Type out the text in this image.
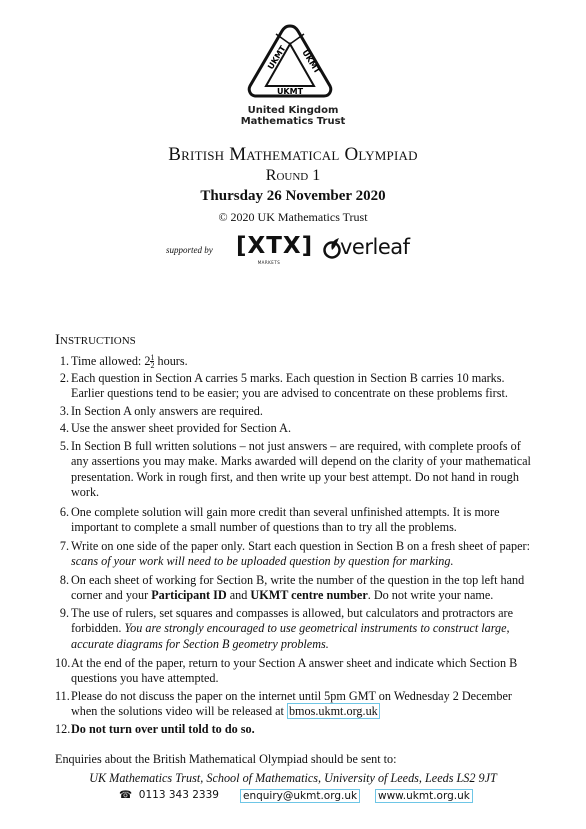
UKMT UKMT
UKMT
United Kingdom
Mathematics Trust
British Mathematical Olympiad
Round 1
Thursday 26 November 2020
© 2020 UK Mathematics Trust
supported by [XTX]
MARKETS
verleaf
Instructions
1. Time allowed: $2 \frac{1}{2}$ hours.
2. Each question in Section A carries 5 marks. Each question in Section B carries 10 marks. Earlier questions tend to be easier; you are advised to concentrate on these problems first.
3. In Section A only answers are required.
4. Use the answer sheet provided for Section A.
5. In Section B full written solutions – not just answers – are required, with complete proofs of any assertions you may make. Marks awarded will depend on the clarity of your mathematical presentation. Work in rough first, and then write up your best attempt. Do not hand in rough work.
6. One complete solution will gain more credit than several unfinished attempts. It is more important to complete a small number of questions than to try all the problems.
7. Write on one side of the paper only. Start each question in Section B on a fresh sheet of paper: scans of your work will need to be uploaded question by question for marking.
8. On each sheet of working for Section B, write the number of the question in the top left hand corner and your Participant ID and UKMT centre number. Do not write your name.
9. The use of rulers, set squares and compasses is allowed, but calculators and protractors are forbidden. You are strongly encouraged to use geometrical instruments to construct large, accurate diagrams for Section B geometry problems.
10. At the end of the paper, return to your Section A answer sheet and indicate which Section B questions you have attempted.
11. Please do not discuss the paper on the internet until 5pm GMT on Wednesday 2 December when the solutions video will be released at bmos.ukmt.org.uk
12. Do not turn over until told to do so.
Enquiries about the British Mathematical Olympiad should be sent to:
UK Mathematics Trust, School of Mathematics, University of Leeds, Leeds LS2 9JT
☎ 0113 343 2339 enquiry@ukmt.org.uk www.ukmt.org.uk
